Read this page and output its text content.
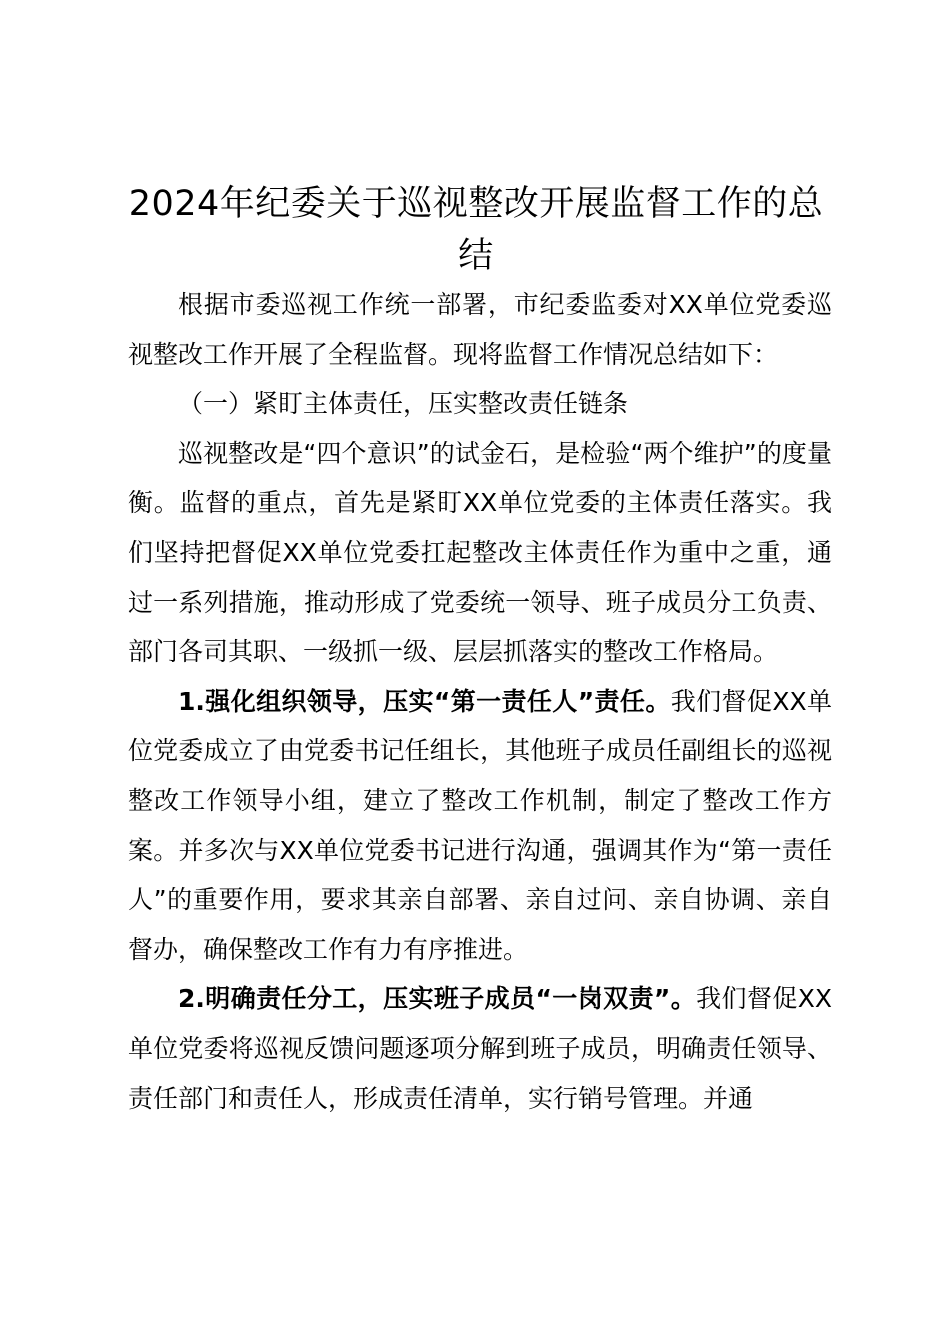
2024年纪委关于巡视整改开展监督工作的总结

根据市委巡视工作统一部署，市纪委监委对XX单位党委巡视整改工作开展了全程监督。现将监督工作情况总结如下：

（一）紧盯主体责任，压实整改责任链条

巡视整改是“四个意识”的试金石，是检验“两个维护”的度量衡。监督的重点，首先是紧盯XX单位党委的主体责任落实。我们坚持把督促XX单位党委扛起整改主体责任作为重中之重，通过一系列措施，推动形成了党委统一领导、班子成员分工负责、部门各司其职、一级抓一级、层层抓落实的整改工作格局。

1.强化组织领导，压实“第一责任人”责任。我们督促XX单位党委成立了由党委书记任组长，其他班子成员任副组长的巡视整改工作领导小组，建立了整改工作机制，制定了整改工作方案。并多次与XX单位党委书记进行沟通，强调其作为“第一责任人”的重要作用，要求其亲自部署、亲自过问、亲自协调、亲自督办，确保整改工作有力有序推进。

2.明确责任分工，压实班子成员“一岗双责”。我们督促XX单位党委将巡视反馈问题逐项分解到班子成员，明确责任领导、责任部门和责任人，形成责任清单，实行销号管理。并通
